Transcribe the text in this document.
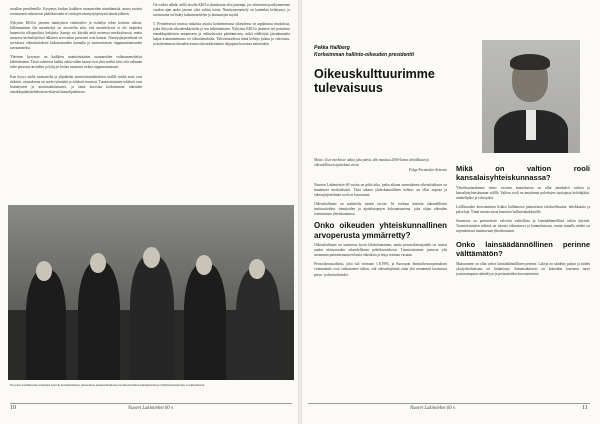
savallan presidentille. Kysymys koskee kaikkien tuomareiden nimittämistä, mutta ruotsin erotuomarit ratkaisevat päätöksissään eri virkojen nimitysjärjestystä tämän jälkeen.

Nykyisin KKO:n jäsenen nimityksen valmistelee ja esittelyn tekee korkein oikeus. Jälkimmäinen tila menettelyä on arvosteltu siitä, että menettelyssä ei ole tarpeeksi huomioitu ulkopuolisia hakijoita. Sanoja voi käyttää mitä monessa merkityksessä, mutta monessa kielenkäytössä tällaisen arvostelun perusteet ovat hatarat. Nimitysjärjestelmää on arvioitava oikeuslaitoksen kokonaisuuden kannalta ja tuomarinviran riippumattomuuden turvaamiseksi.

Yhteinen kysymys on kaikkien tuomioistuinten tuomareiden valintamenettelyn kehittäminen. Tässä suhteessa kaikki valtiovallan haarat ovat yhtä mieltä siitä, että valinnan tulee perustua ansioihin ja kykyyn hoitaa tuomarin virkaa riippumattomasti.

Kun kysyy näiltä tuomareilta ja ylipäätään tuomioistuinlaitoksen sisällä, mitkä asiat ovat tärkeitä, vastauksena on usein työmäärä ja riittävät resurssit. Tuomioistuinten tehtävät ovat lisääntyneet ja monimutkaistuneet, ja tämä korostaa korkeimman oikeuden ennakkopäätöstehtävän merkitystä laatuohjauksessa.

On vaikea nähdä, millä tavalla KKO:n jäsenkunta olisi parempi, jos viimeisten parikymmenen vuoden ajan uudet jäsenet olisi valittu toisin. Nimitysmenettely on kuitenkin kehittynyt, ja avoimuutta on lisätty hakumenettelyn ja lausuntojen myötä.

5. Perinteisessä tavassa ratkaista asioita korkeimmassa oikeudessa on tapahtunut muutoksia, jotka liittyvät oikeudenkäyttöön ja sen kehittämiseen. Nykyisin KKO:n jäsenten työ painottuu ennakkopäätösten antamiseen ja valitusluvista päättämiseen, mikä edellyttää jäsenkunnalta laajaa asiantuntemusta eri oikeudenaloilta. Tulevaisuudessa tämä kehitys jatkuu ja vahvistuu, ja korkeimman oikeuden asema oikeuskäytännön ohjaajana korostuu entisestään.

Noorten Lakimiesten edustajat käyvät korkeimmassa oikeudessa keskustelemassa tuomioistuinten kehityksestä ja nimitysmenettelyn avoimuudesta.
10	Nuoret Lakimiehet 60 v.
Pekka Hallberg
Korkeimman hallinto-oikeuden presidentti
Oikeuskulttuurimme tulevaisuus
Motto: Usei merkitsee aikaa joka päivä, silti muuttuu 2000-luvun tekniikkaan ja oikeudelliseen ajatteluun ensin.
Fulga Fernández-Armesto

Nuorten Lakimiesten 60 vuotta on pitkä aika, jonka aikana suomalainen oikeuskulttuuri on muuttunut merkittävästi. Tänä aikana yhteiskunnallinen kehitys on ollut nopeaa ja oikeusjärjestelmän rooli on korostunut.

Oikeuskulttuuri on määritelty monin tavoin. Se voidaan käsittää oikeudellisten instituutioiden, toimijoiden ja ajattelutapojen kokonaisuutena, joka ohjaa oikeuden toteutumista yhteiskunnassa.

Onko oikeuden yhteiskunnallinen arvoperusta ymmärretty?

Oikeuskulttuuri on suomessa hyvin lakisidonnainen, mutta perusoikeusajattelu on tuonut uuden ulottuvuuden oikeudelliseen päätöksentekoon. Tuomioistuimet joutuvat yhä useammin punnitsemaan erilaisia oikeuksia ja etuja toisiaan vastaan.

Perusoikeusuudistus, joka tuli voimaan 1.8.1995, ja Euroopan ihmisoikeussopimuksen voimaantulo ovat vaikuttaneet siihen, että oikeuskäytäntö ottaa yhä useammin huomioon perus- ja ihmisoikeudet.

Mikä on valtion rooli kansalaisyhteiskunnassa?

Yhteiskuntarakenne viime vuosien muutoksissa on ollut jännittävä valtion ja kansalaisyhteiskunnan välillä. Valtion rooli on muuttunut palvelujen tuottajasta kehittäjäksi, sääntelijäksi ja valvojaksi.

Lailllisuuden korostamisen lisäksi hallinnossa painotetaan tuloksellisuutta, tehokkuutta ja palveluja. Tämä asettaa uusia haasteita hallintolainkäytölle.

Suomessa on perinteisesti valvottu valtiollista ja lainsäädännöllistä vallan käyttöä. Tuomioistuinten tehtävä on turvata oikeusturva ja lainmukaisuus, mutta samalla niiden on sopeuduttava muuttuvaan yhteiskuntaan.

Onko lainsäädännöllinen perinne välttämätön?

Maassamme on ollut vahva lainsäädännöllinen perinne. Lakeja on säädetty paljon ja niiden yksityiskohtaisuus on lisääntynyt. Samanaikaisesti on kuitenkin kasvanut tarve joustavampaan sääntelyyn ja periaatteiden korostamiseen.

Nuoret Lakimiehet 60 v.	11
